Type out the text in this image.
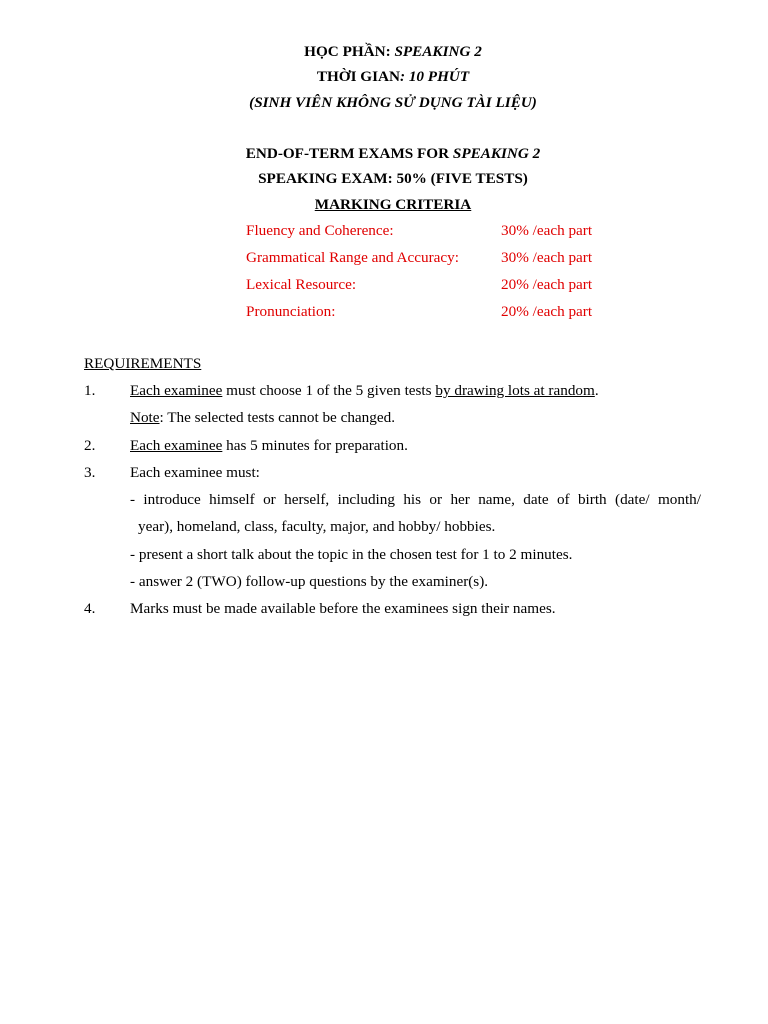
HỌC PHẦN: SPEAKING 2
THỜI GIAN: 10 PHÚT
(SINH VIÊN KHÔNG SỬ DỤNG TÀI LIỆU)
END-OF-TERM EXAMS FOR SPEAKING 2
SPEAKING EXAM: 50% (FIVE TESTS)
MARKING CRITERIA
Fluency and Coherence:	30% /each part
Grammatical Range and Accuracy:	30% /each part
Lexical Resource:	20% /each part
Pronunciation:	20% /each part
REQUIREMENTS
1. Each examinee must choose 1 of the 5 given tests by drawing lots at random.
Note: The selected tests cannot be changed.
2. Each examinee has 5 minutes for preparation.
3. Each examinee must:
- introduce himself or herself, including his or her name, date of birth (date/ month/
year), homeland, class, faculty, major, and hobby/ hobbies.
- present a short talk about the topic in the chosen test for 1 to 2 minutes.
- answer 2 (TWO) follow-up questions by the examiner(s).
4. Marks must be made available before the examinees sign their names.
